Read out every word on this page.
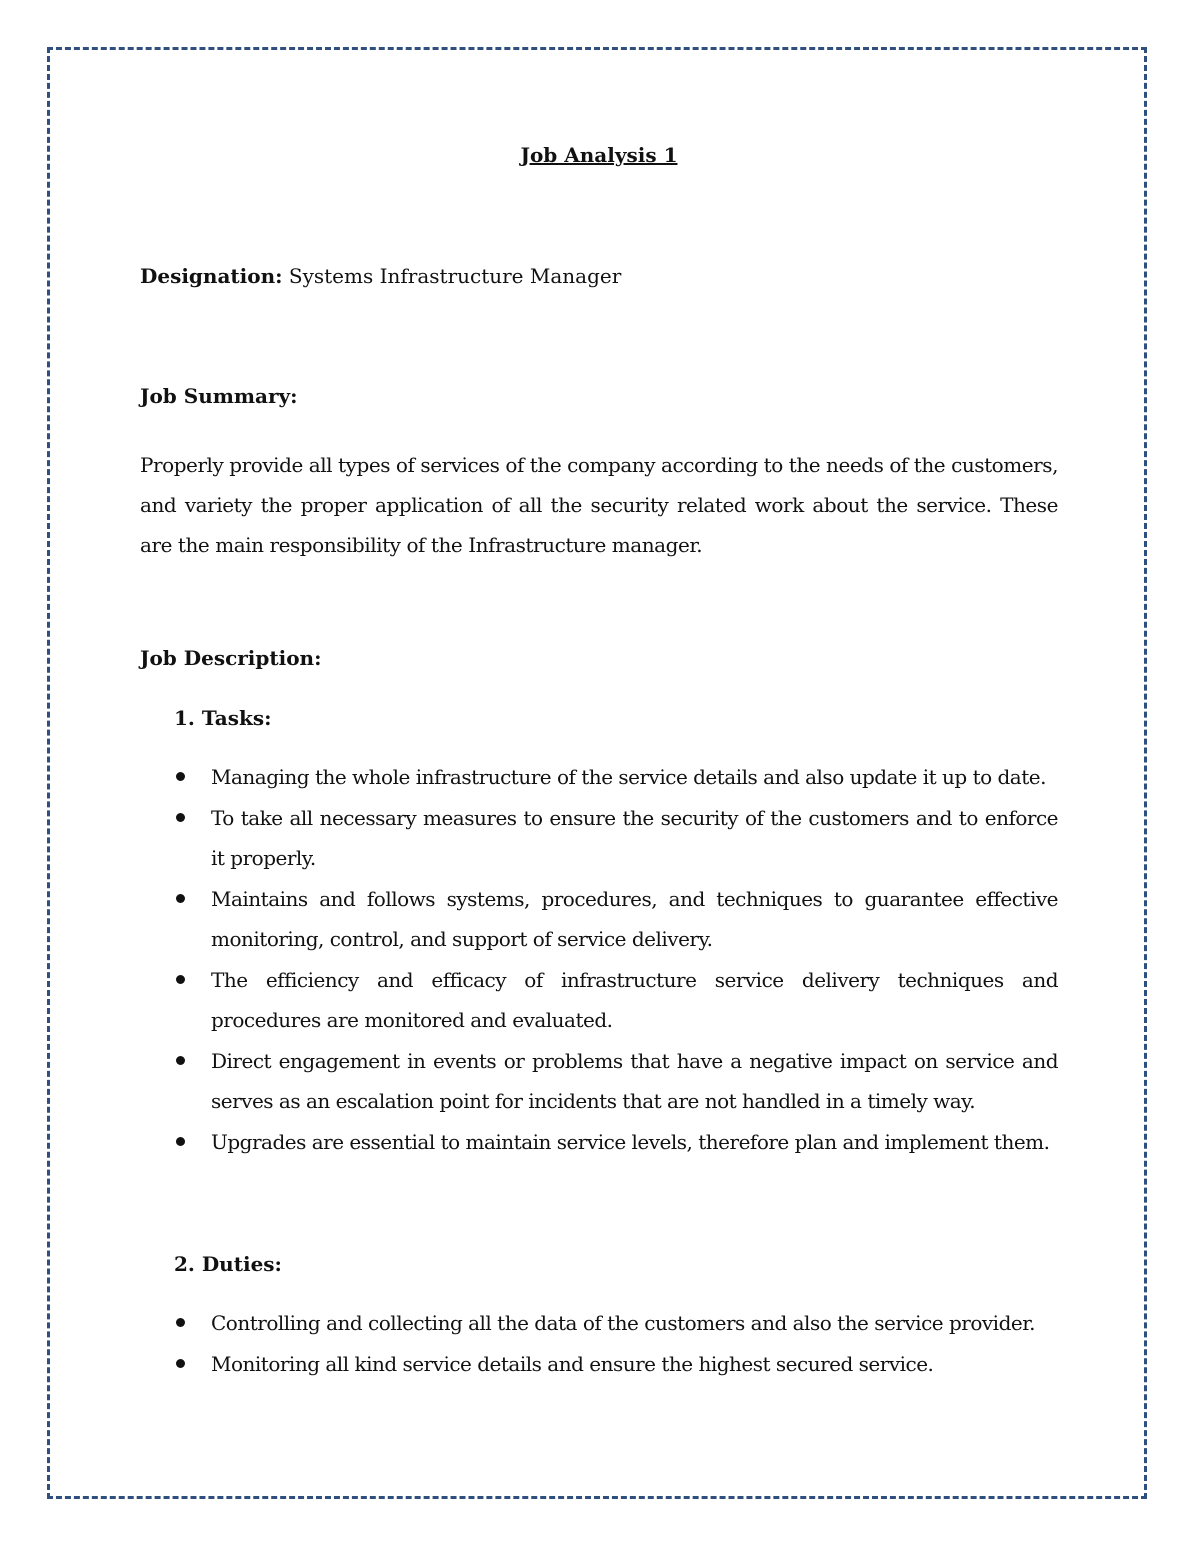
Job Analysis 1

Designation: Systems Infrastructure Manager

Job Summary:

Properly provide all types of services of the company according to the needs of the customers, and variety the proper application of all the security related work about the service. These are the main responsibility of the Infrastructure manager.

Job Description:
1. Tasks:
Managing the whole infrastructure of the service details and also update it up to date.
To take all necessary measures to ensure the security of the customers and to enforce it properly.
Maintains and follows systems, procedures, and techniques to guarantee effective monitoring, control, and support of service delivery.
The efficiency and efficacy of infrastructure service delivery techniques and procedures are monitored and evaluated.
Direct engagement in events or problems that have a negative impact on service and serves as an escalation point for incidents that are not handled in a timely way.
Upgrades are essential to maintain service levels, therefore plan and implement them.
2. Duties:
Controlling and collecting all the data of the customers and also the service provider.
Monitoring all kind service details and ensure the highest secured service.
